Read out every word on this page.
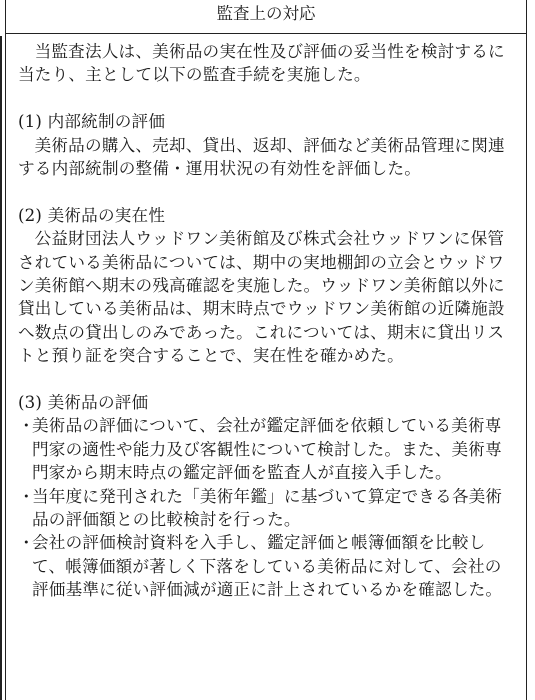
監査上の対応

当監査法人は、美術品の実在性及び評価の妥当性を検討するに当たり、主として以下の監査手続を実施した。

(1) 内部統制の評価

美術品の購入、売却、貸出、返却、評価など美術品管理に関連する内部統制の整備・運用状況の有効性を評価した。

(2) 美術品の実在性

公益財団法人ウッドワン美術館及び株式会社ウッドワンに保管されている美術品については、期中の実地棚卸の立会とウッドワン美術館へ期末の残高確認を実施した。ウッドワン美術館以外に貸出している美術品は、期末時点でウッドワン美術館の近隣施設へ数点の貸出しのみであった。これについては、期末に貸出リストと預り証を突合することで、実在性を確かめた。

(3) 美術品の評価

・
美術品の評価について、会社が鑑定評価を依頼している美術専門家の適性や能力及び客観性について検討した。また、美術専門家から期末時点の鑑定評価を監査人が直接入手した。
・
当年度に発刊された「美術年鑑」に基づいて算定できる各美術品の評価額との比較検討を行った。
・
会社の評価検討資料を入手し、鑑定評価と帳簿価額を比較して、帳簿価額が著しく下落をしている美術品に対して、会社の評価基準に従い評価減が適正に計上されているかを確認した。
